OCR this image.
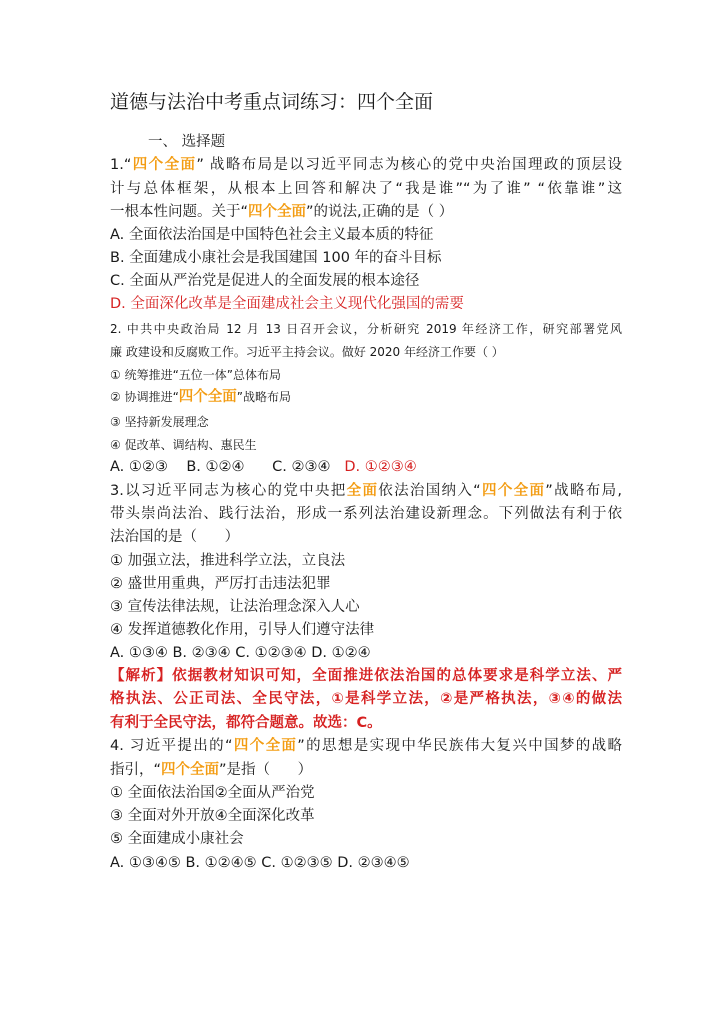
道德与法治中考重点词练习：四个全面
一、 选择题
1.“四个全面” 战略布局是以习近平同志为核心的党中央治国理政的顶层设
计与总体框架，从根本上回答和解决了“我是谁”“为了谁” “依靠谁”这
一根本性问题。关于“四个全面”的说法,正确的是（ ）
A. 全面依法治国是中国特色社会主义最本质的特征
B. 全面建成小康社会是我国建国 100 年的奋斗目标
C. 全面从严治党是促进人的全面发展的根本途径
D. 全面深化改革是全面建成社会主义现代化强国的需要
2. 中共中央政治局 12 月 13 日召开会议，分析研究 2019 年经济工作，研究部署党风
廉 政建设和反腐败工作。习近平主持会议。做好 2020 年经济工作要（ ）
① 统筹推进“五位一体”总体布局
② 协调推进“四个全面”战略布局
③ 坚持新发展理念
④ 促改革、调结构、惠民生
A. ①②③    B. ①②④      C. ②③④ D. ①②③④
3.以习近平同志为核心的党中央把全面依法治国纳入“四个全面”战略布局,
带头崇尚法治、践行法治，形成一系列法治建设新理念。下列做法有利于依
法治国的是（      ）
① 加强立法，推进科学立法，立良法
② 盛世用重典，严厉打击违法犯罪
③ 宣传法律法规，让法治理念深入人心
④ 发挥道德教化作用，引导人们遵守法律
A. ①③④ B. ②③④ C. ①②③④ D. ①②④
【解析】依据教材知识可知，全面推进依法治国的总体要求是科学立法、严
格执法、公正司法、全民守法，①是科学立法，②是严格执法，③④的做法
有利于全民守法，都符合题意。故选：C。
4. 习近平提出的“四个全面”的思想是实现中华民族伟大复兴中国梦的战略
指引，“四个全面”是指（      ）
① 全面依法治国②全面从严治党
③ 全面对外开放④全面深化改革
⑤ 全面建成小康社会
A. ①③④⑤ B. ①②④⑤ C. ①②③⑤ D. ②③④⑤
